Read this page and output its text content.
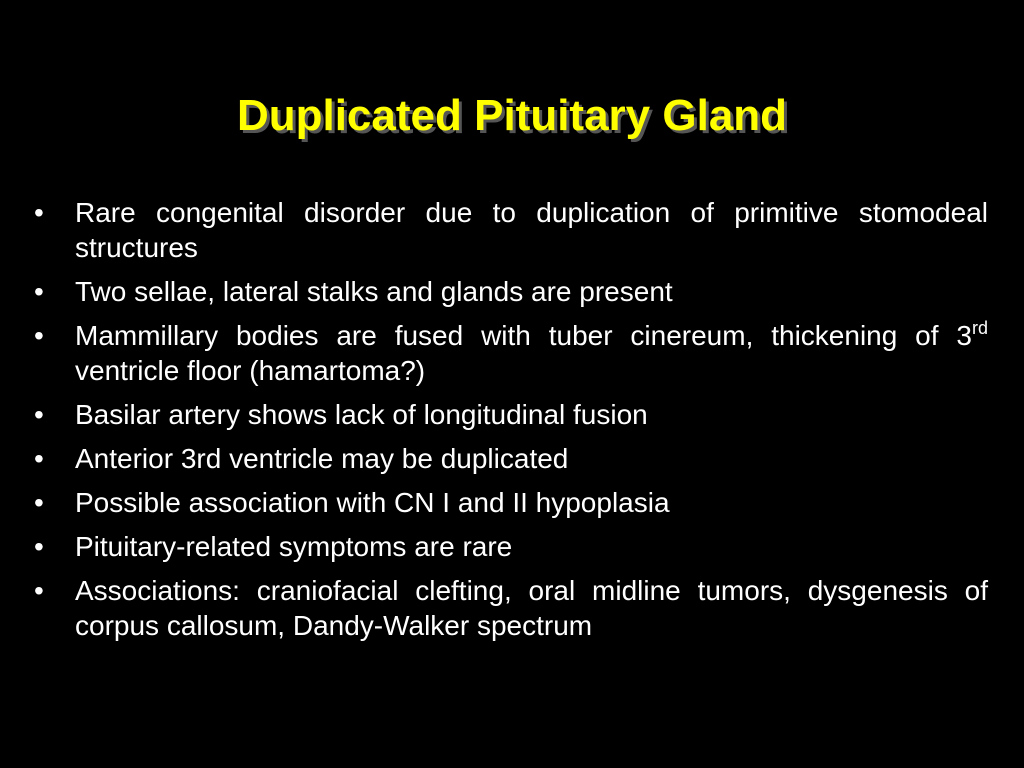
Duplicated Pituitary Gland
•	Rare congenital disorder due to duplication of primitive stomodeal structures
•	Two sellae, lateral stalks and glands are present
•	Mammillary bodies are fused with tuber cinereum, thickening of 3rd ventricle floor (hamartoma?)
•	Basilar artery shows lack of longitudinal fusion
•	Anterior 3rd ventricle may be duplicated
•	Possible association with CN I and II hypoplasia
•	Pituitary-related symptoms are rare
•	Associations: craniofacial clefting, oral midline tumors, dysgenesis of corpus callosum, Dandy-Walker spectrum
